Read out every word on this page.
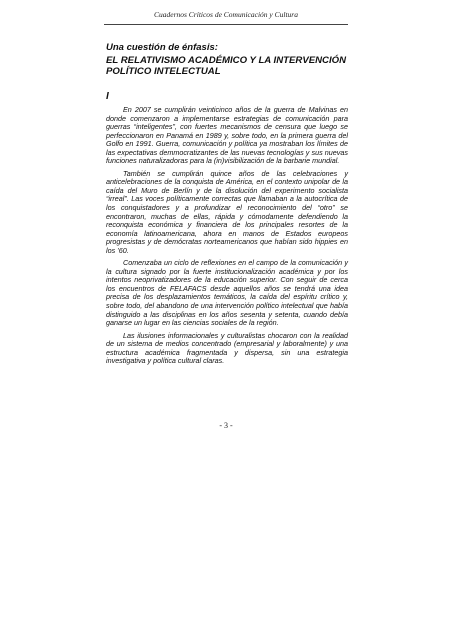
Cuadernos Críticos de Comunicación y Cultura
Una cuestión de énfasis:
EL RELATIVISMO ACADÉMICO Y LA INTERVENCIÓN POLÍTICO INTELECTUAL
I

En 2007 se cumplirán veinticinco años de la guerra de Malvinas en donde comenzaron a implementarse estrategias de comunicación para guerras “inteligentes”, con fuertes mecanismos de censura que luego se perfeccionaron en Panamá en 1989 y, sobre todo, en la primera guerra del Golfo en 1991. Guerra, comunicación y política ya mostraban los límites de las expectativas demmocratizantes de las nuevas tecnologías y sus nuevas funciones naturalizadoras para la (in)visibilización de la barbarie mundial.

También se cumplirán quince años de las celebraciones y anticelebraciones de la conquista de América, en el contexto unipolar de la caída del Muro de Berlín y de la disolución del experimento socialista “irreal”. Las voces políticamente correctas que llamaban a la autocrítica de los conquistadores y a profundizar el reconocimiento del “otro” se encontraron, muchas de ellas, rápida y cómodamente defendiendo la reconquista económica y financiera de los principales resortes de la economía latinoamericana, ahora en manos de Estados europeos progresistas y de demócratas norteamericanos que habían sido hippies en los ’60.

Comenzaba un ciclo de reflexiones en el campo de la comunicación y la cultura signado por la fuerte institucionalización académica y por los intentos neoprivatizadores de la educación superior. Con seguir de cerca los encuentros de FELAFACS desde aquellos años se tendrá una idea precisa de los desplazamientos temáticos, la caída del espíritu crítico y, sobre todo, del abandono de una intervención político intelectual que había distinguido a las disciplinas en los años sesenta y setenta, cuando debía ganarse un lugar en las ciencias sociales de la región.

Las ilusiones informacionales y culturalistas chocaron con la realidad de un sistema de medios concentrado (empresarial y laboralmente) y una estructura académica fragmentada y dispersa, sin una estrategia investigativa y política cultural claras.

- 3 -
